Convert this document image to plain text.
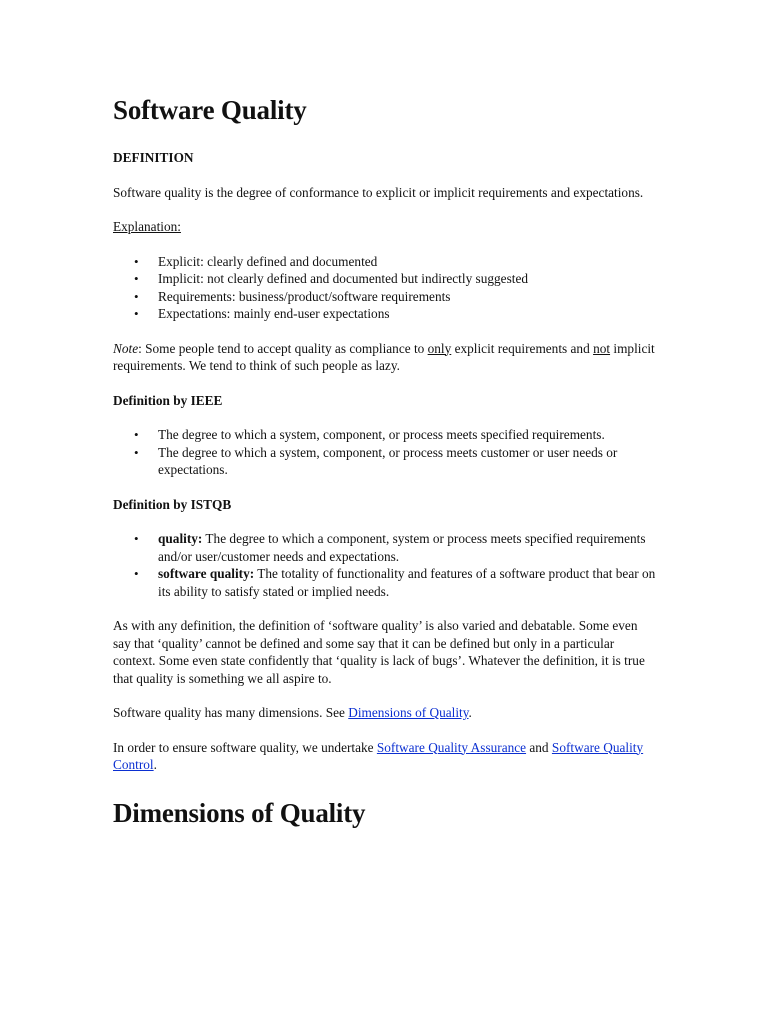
Software Quality
DEFINITION

Software quality is the degree of conformance to explicit or implicit requirements and expectations.

Explanation:

• Explicit: clearly defined and documented
• Implicit: not clearly defined and documented but indirectly suggested
• Requirements: business/product/software requirements
• Expectations: mainly end-user expectations

Note: Some people tend to accept quality as compliance to only explicit requirements and not implicit requirements. We tend to think of such people as lazy.

Definition by IEEE
• The degree to which a system, component, or process meets specified requirements.
• The degree to which a system, component, or process meets customer or user needs or expectations.
Definition by ISTQB
• quality: The degree to which a component, system or process meets specified requirements and/or user/customer needs and expectations.
• software quality: The totality of functionality and features of a software product that bear on its ability to satisfy stated or implied needs.

As with any definition, the definition of ‘software quality’ is also varied and debatable. Some even say that ‘quality’ cannot be defined and some say that it can be defined but only in a particular context. Some even state confidently that ‘quality is lack of bugs’. Whatever the definition, it is true that quality is something we all aspire to.

Software quality has many dimensions. See Dimensions of Quality.

In order to ensure software quality, we undertake Software Quality Assurance and Software Quality Control.

Dimensions of Quality
